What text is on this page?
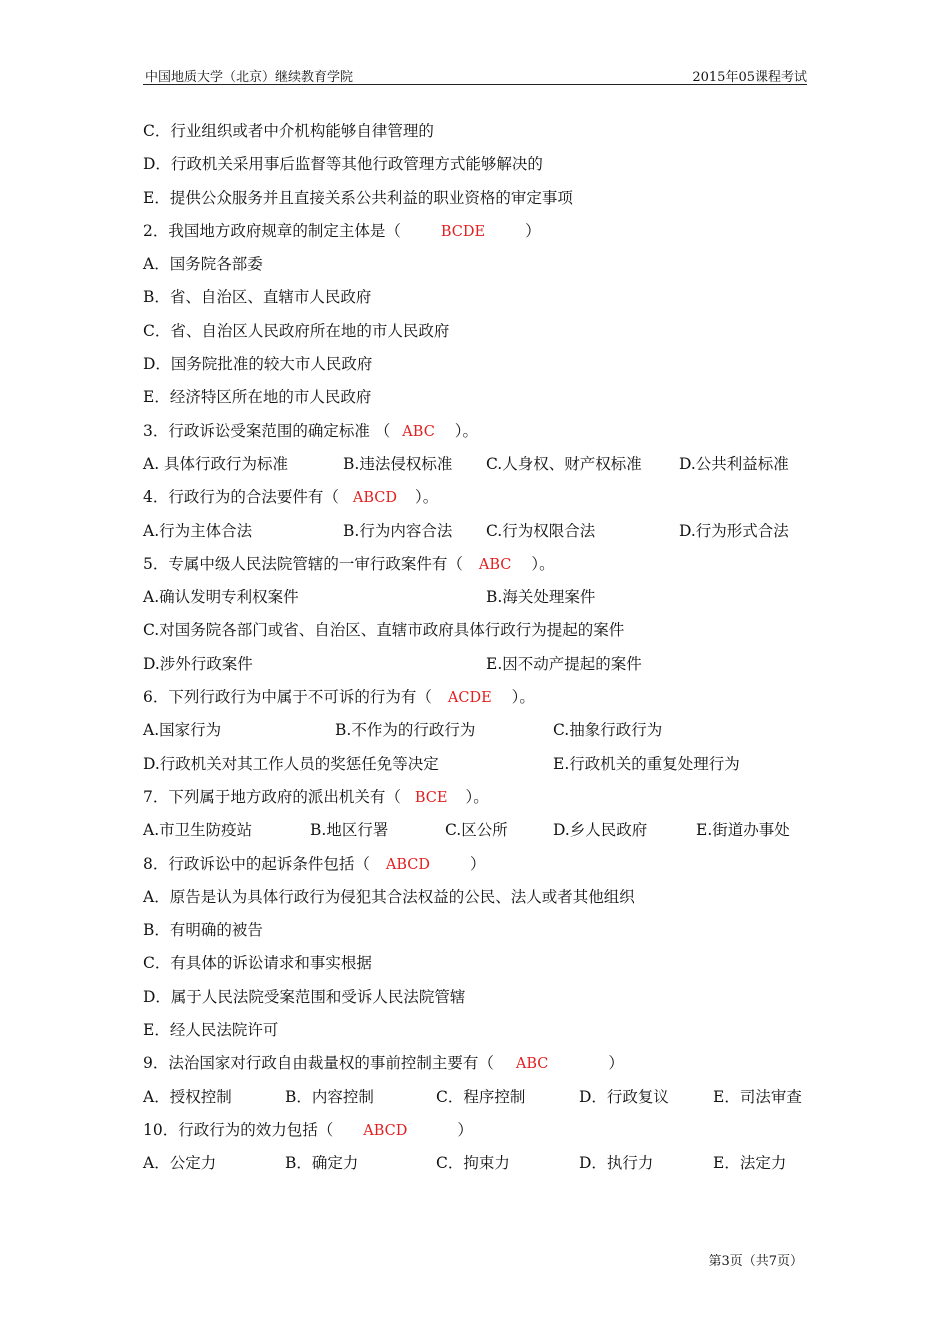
中国地质大学（北京）继续教育学院	2015年05课程考试
C．行业组织或者中介机构能够自律管理的
D．行政机关采用事后监督等其他行政管理方式能够解决的
E．提供公众服务并且直接关系公共利益的职业资格的审定事项
2．我国地方政府规章的制定主体是（	BCDE	）
A．国务院各部委
B．省、自治区、直辖市人民政府
C．省、自治区人民政府所在地的市人民政府
D．国务院批准的较大市人民政府
E．经济特区所在地的市人民政府
3．行政诉讼受案范围的确定标准 （ ABC ）。
A. 具体行政行为标准	B.违法侵权标准 C.人身权、财产权标准 D.公共利益标准
4．行政行为的合法要件有（ ABCD ）。
A.行为主体合法	B.行为内容合法 C.行为权限合法	D.行为形式合法
5．专属中级人民法院管辖的一审行政案件有（ ABC ）。
A.确认发明专利权案件	B.海关处理案件
C.对国务院各部门或省、自治区、直辖市政府具体行政行为提起的案件
D.涉外行政案件	E.因不动产提起的案件
6．下列行政行为中属于不可诉的行为有（ ACDE ）。
A.国家行为	B.不作为的行政行为	C.抽象行政行为
D.行政机关对其工作人员的奖惩任免等决定	E.行政机关的重复处理行为
7．下列属于地方政府的派出机关有（ BCE ）。
A.市卫生防疫站	B.地区行署	C.区公所	D.乡人民政府	E.街道办事处
8．行政诉讼中的起诉条件包括（ ABCD	）
A．原告是认为具体行政行为侵犯其合法权益的公民、法人或者其他组织
B．有明确的被告
C．有具体的诉讼请求和事实根据
D．属于人民法院受案范围和受诉人民法院管辖
E．经人民法院许可
9．法治国家对行政自由裁量权的事前控制主要有（ ABC	）
A．授权控制	B．内容控制	C．程序控制	D．行政复议	E．司法审查
10．行政行为的效力包括（ ABCD	）
A．公定力	B．确定力	C．拘束力	D．执行力	E．法定力
第3页（共7页）
